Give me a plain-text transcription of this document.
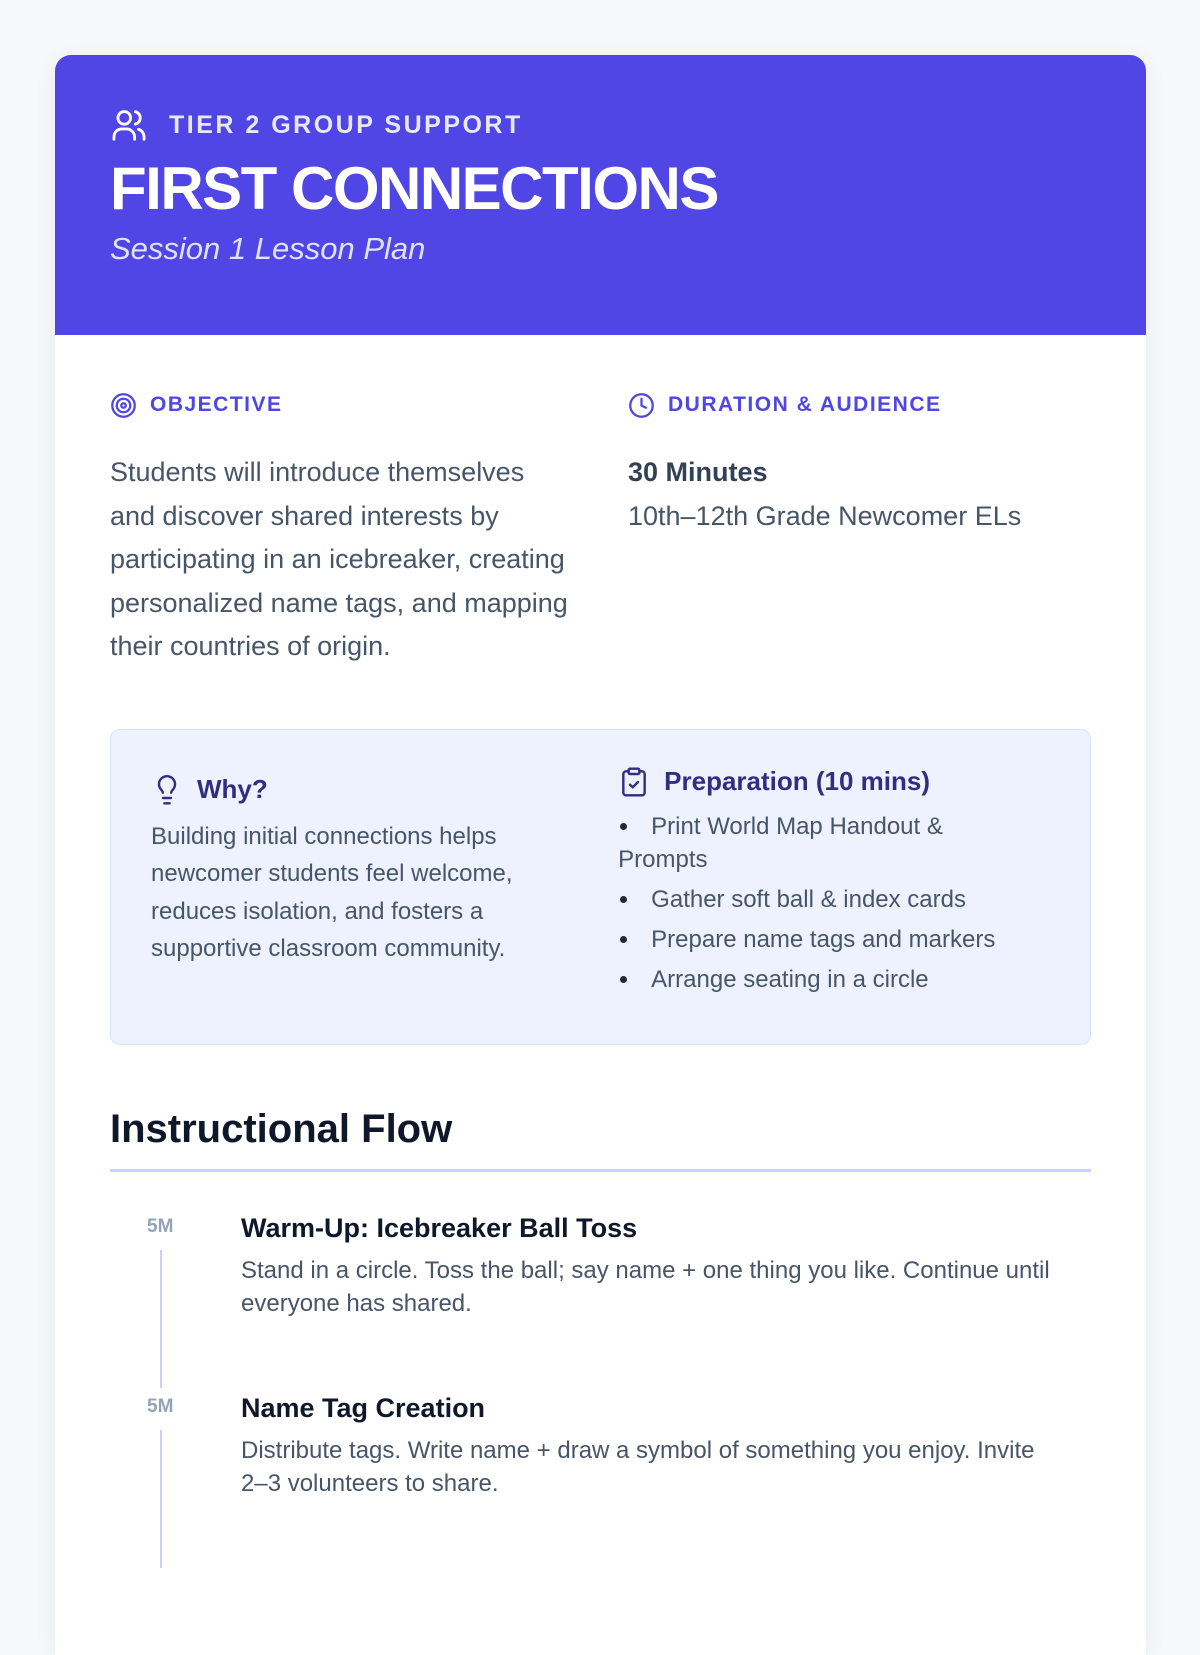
TIER 2 GROUP SUPPORT
FIRST CONNECTIONS
Session 1 Lesson Plan
OBJECTIVE
Students will introduce themselves and discover shared interests by participating in an icebreaker, creating personalized name tags, and mapping their countries of origin.
DURATION & AUDIENCE
30 Minutes
10th–12th Grade Newcomer ELs
Why?
Building initial connections helps newcomer students feel welcome, reduces isolation, and fosters a supportive classroom community.
Preparation (10 mins)
Print World Map Handout & Prompts
Gather soft ball & index cards
Prepare name tags and markers
Arrange seating in a circle
Instructional Flow
5M	Warm-Up: Icebreaker Ball Toss
Stand in a circle. Toss the ball; say name + one thing you like. Continue until everyone has shared.
5M	Name Tag Creation
Distribute tags. Write name + draw a symbol of something you enjoy. Invite 2–3 volunteers to share.
